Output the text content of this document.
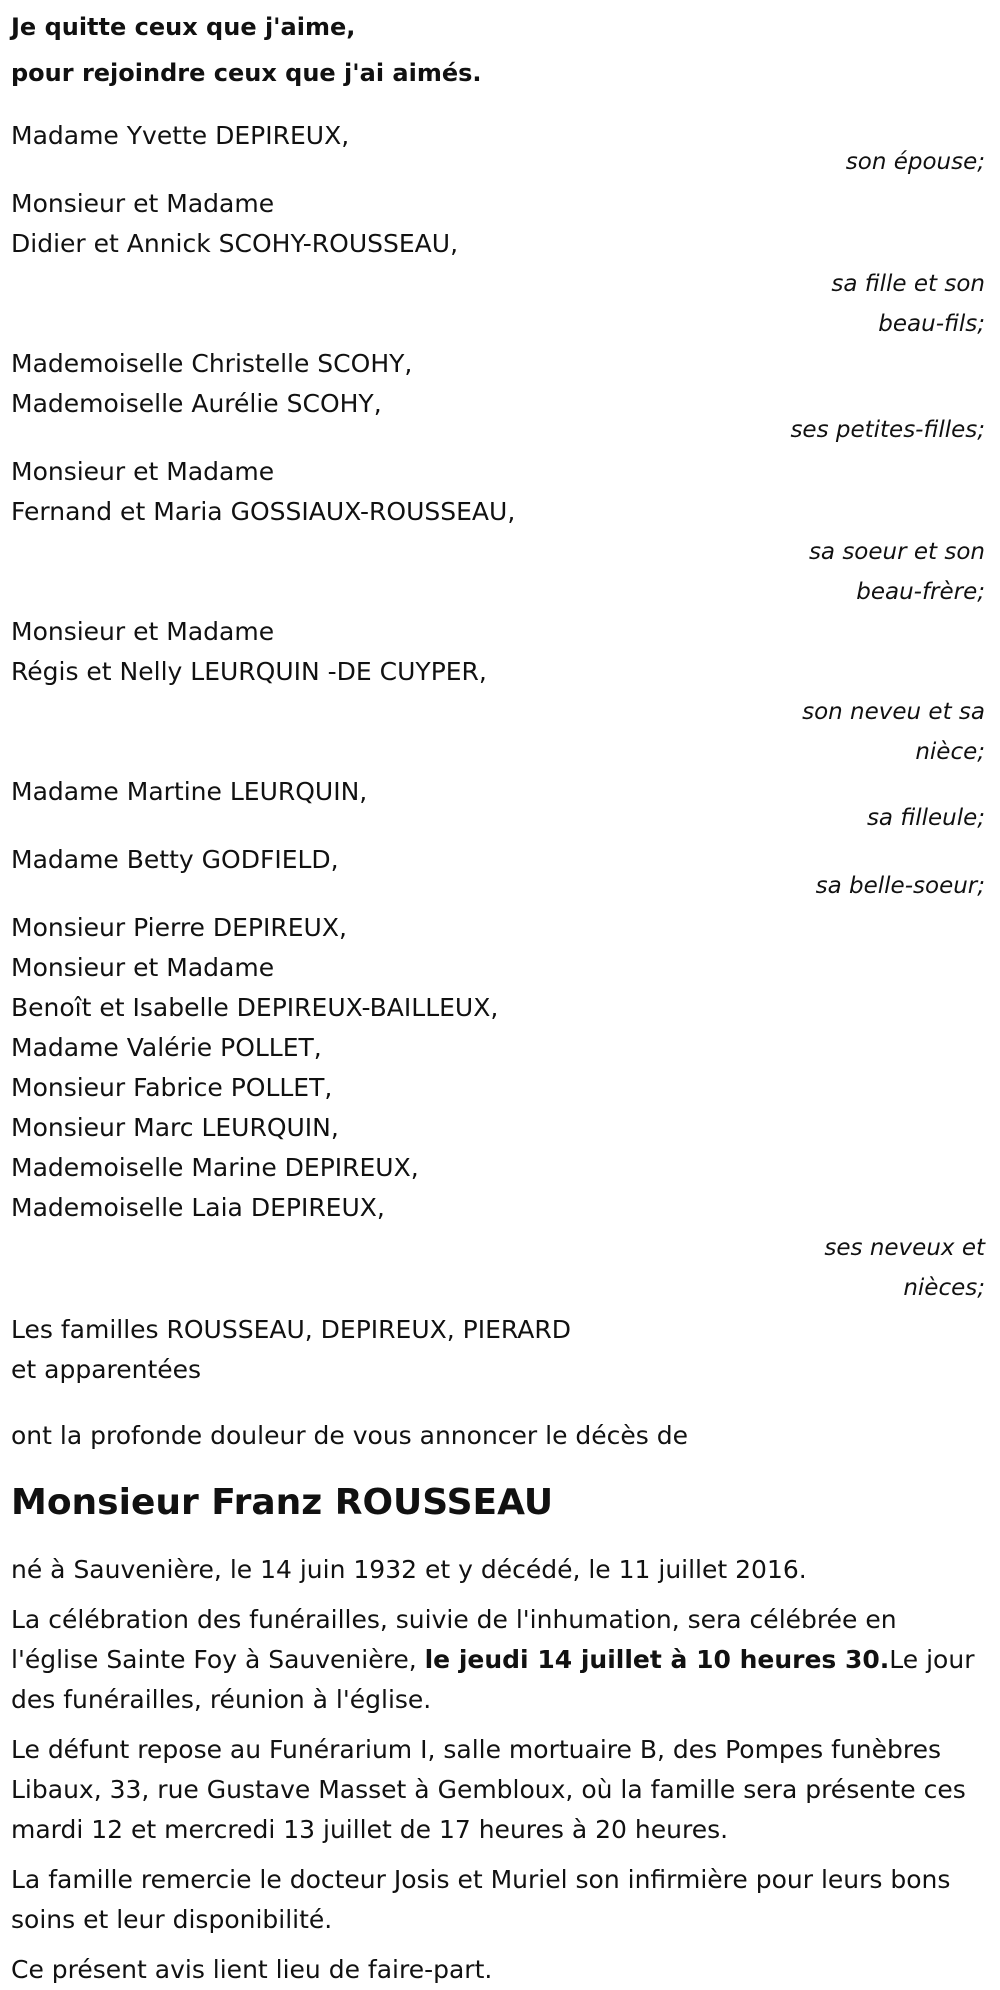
Je quitte ceux que j'aime,
pour rejoindre ceux que j'ai aimés.
Madame Yvette DEPIREUX,
son épouse;
Monsieur et Madame
Didier et Annick SCOHY-ROUSSEAU,
sa fille et son
beau-fils;
Mademoiselle Christelle SCOHY,
Mademoiselle Aurélie SCOHY,
ses petites-filles;
Monsieur et Madame
Fernand et Maria GOSSIAUX-ROUSSEAU,
sa soeur et son
beau-frère;
Monsieur et Madame
Régis et Nelly LEURQUIN -DE CUYPER,
son neveu et sa
nièce;
Madame Martine LEURQUIN,
sa filleule;
Madame Betty GODFIELD,
sa belle-soeur;
Monsieur Pierre DEPIREUX,
Monsieur et Madame
Benoît et Isabelle DEPIREUX-BAILLEUX,
Madame Valérie POLLET,
Monsieur Fabrice POLLET,
Monsieur Marc LEURQUIN,
Mademoiselle Marine DEPIREUX,
Mademoiselle Laia DEPIREUX,
ses neveux et
nièces;
Les familles ROUSSEAU, DEPIREUX, PIERARD
et apparentées
ont la profonde douleur de vous annoncer le décès de
Monsieur Franz ROUSSEAU
né à Sauvenière, le 14 juin 1932 et y décédé, le 11 juillet 2016.
La célébration des funérailles, suivie de l'inhumation, sera célébrée en l'église Sainte Foy à Sauvenière, le jeudi 14 juillet à 10 heures 30.Le jour des funérailles, réunion à l'église.
Le défunt repose au Funérarium I, salle mortuaire B, des Pompes funèbres Libaux, 33, rue Gustave Masset à Gembloux, où la famille sera présente ces mardi 12 et mercredi 13 juillet de 17 heures à 20 heures.
La famille remercie le docteur Josis et Muriel son infirmière pour leurs bons soins et leur disponibilité.
Ce présent avis lient lieu de faire-part.
